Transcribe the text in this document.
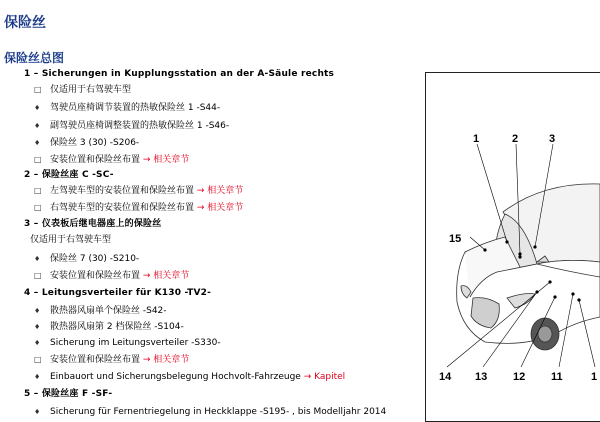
保险丝
保险丝总图
1 – Sicherungen in Kupplungsstation an der A-Säule rechts
□仅适用于右驾驶车型
♦驾驶员座椅调节装置的热敏保险丝 1 -S44-
♦副驾驶员座椅调整装置的热敏保险丝 1 -S46-
♦保险丝 3 (30) -S206-
□安装位置和保险丝布置 → 相关章节
2 – 保险丝座 C -SC-
□左驾驶车型的安装位置和保险丝布置 → 相关章节
□右驾驶车型的安装位置和保险丝布置 → 相关章节
3 – 仪表板后继电器座上的保险丝
仅适用于右驾驶车型
♦保险丝 7 (30) -S210-
□安装位置和保险丝布置 → 相关章节
4 – Leitungsverteiler für K130 -TV2-
♦散热器风扇单个保险丝 -S42-
♦散热器风扇第 2 档保险丝 -S104-
♦Sicherung im Leitungsverteiler -S330-
□安装位置和保险丝布置 → 相关章节
♦Einbauort und Sicherungsbelegung Hochvolt-Fahrzeuge → Kapitel
5 – 保险丝座 F -SF-
♦Sicherung für Fernentriegelung in Heckklappe -S195- , bis Modelljahr 2014
1	2	3
15
14 13 12 11	1
